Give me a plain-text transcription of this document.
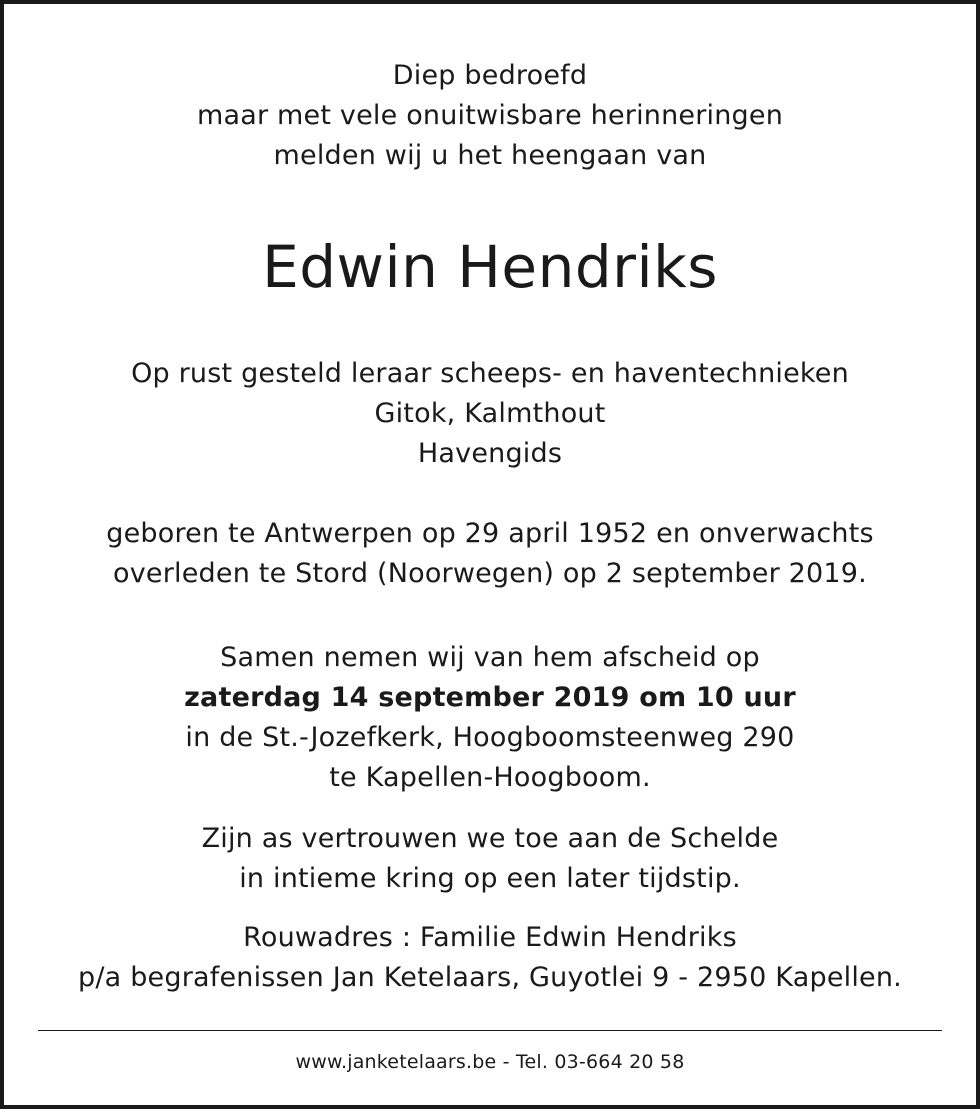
Diep bedroefd
maar met vele onuitwisbare herinneringen
melden wij u het heengaan van
Edwin Hendriks
Op rust gesteld leraar scheeps- en haventechnieken
Gitok, Kalmthout
Havengids
geboren te Antwerpen op 29 april 1952 en onverwachts
overleden te Stord (Noorwegen) op 2 september 2019.
Samen nemen wij van hem afscheid op
zaterdag 14 september 2019 om 10 uur
in de St.-Jozefkerk, Hoogboomsteenweg 290
te Kapellen-Hoogboom.
Zijn as vertrouwen we toe aan de Schelde
in intieme kring op een later tijdstip.
Rouwadres : Familie Edwin Hendriks
p/a begrafenissen Jan Ketelaars, Guyotlei 9 - 2950 Kapellen.
www.janketelaars.be - Tel. 03-664 20 58
